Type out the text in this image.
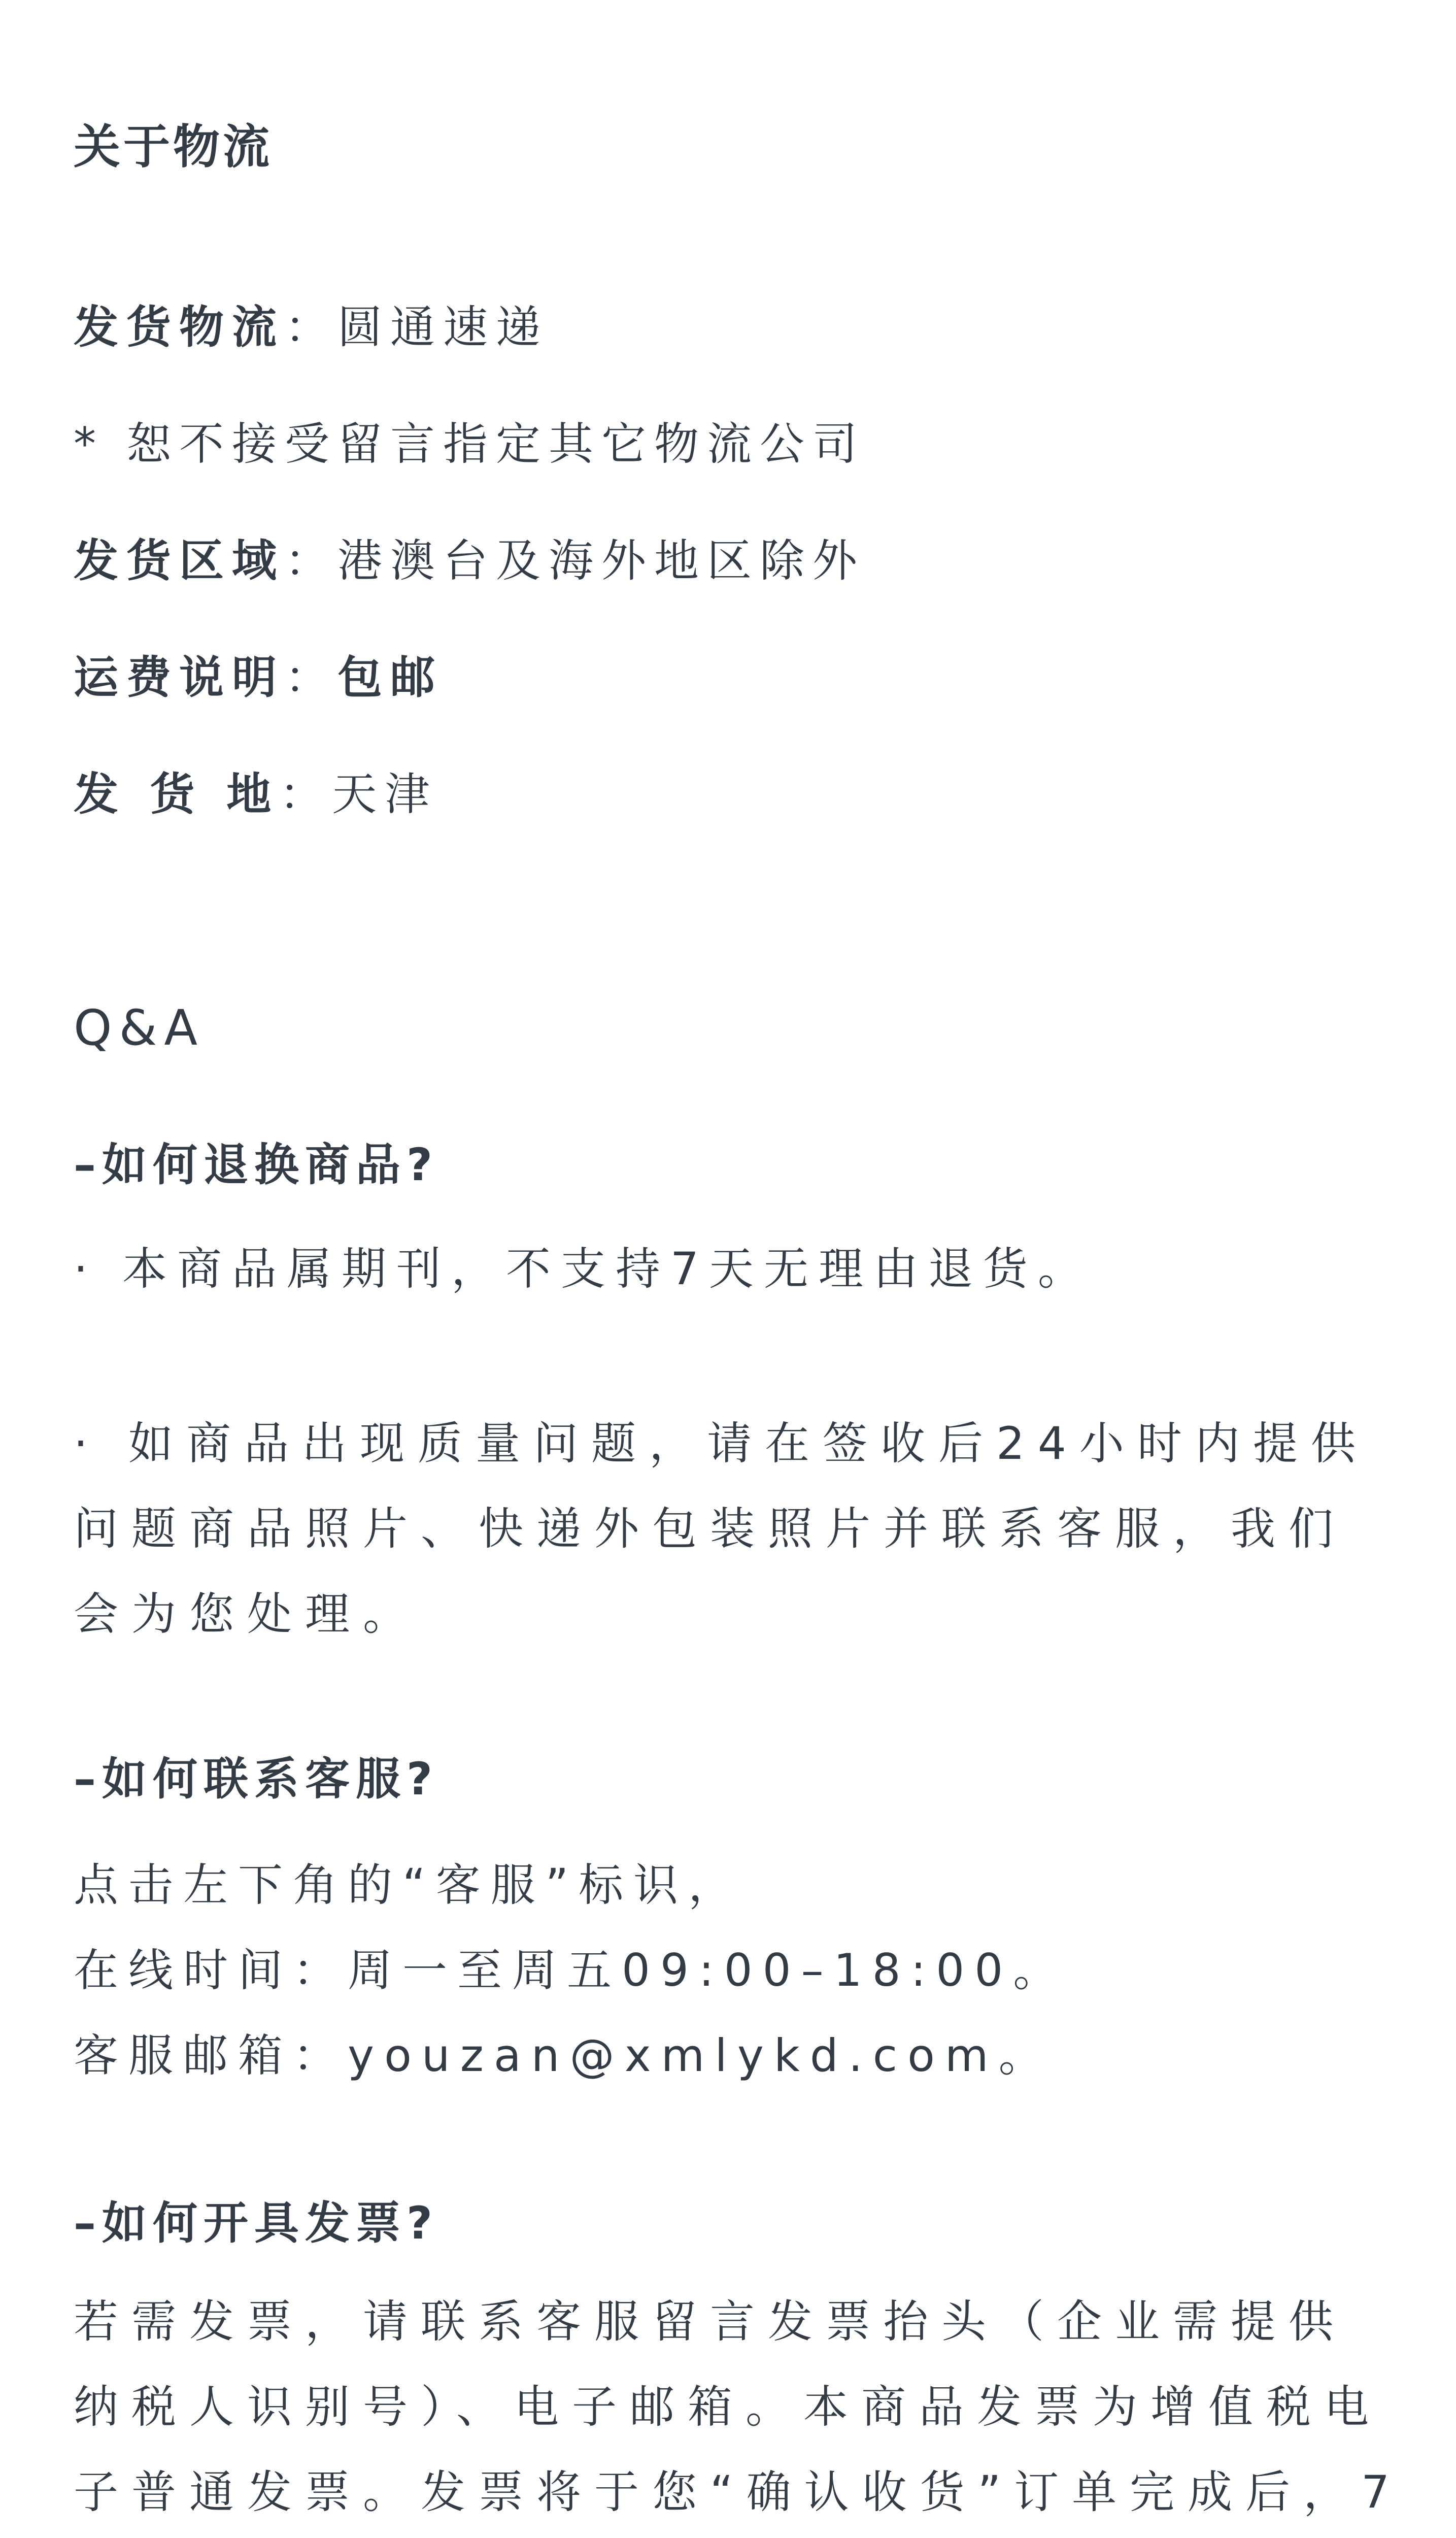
关于物流
发货物流：圆通速递
* 恕不接受留言指定其它物流公司
发货区域：港澳台及海外地区除外
运费说明：包邮
发 货 地：天津
Q&A
–如何退换商品?
· 本商品属期刊，不支持7天无理由退货。
· 如商品出现质量问题，请在签收后24小时内提供问题商品照片、快递外包装照片并联系客服，我们会为您处理。
–如何联系客服?
点击左下角的“客服”标识，
在线时间：周一至周五09:00–18:00。
客服邮箱：youzan@xmlykd.com。
–如何开具发票?
若需发票，请联系客服留言发票抬头（企业需提供纳税人识别号）、电子邮箱。本商品发票为增值税电子普通发票。发票将于您“确认收货”订单完成后，7
